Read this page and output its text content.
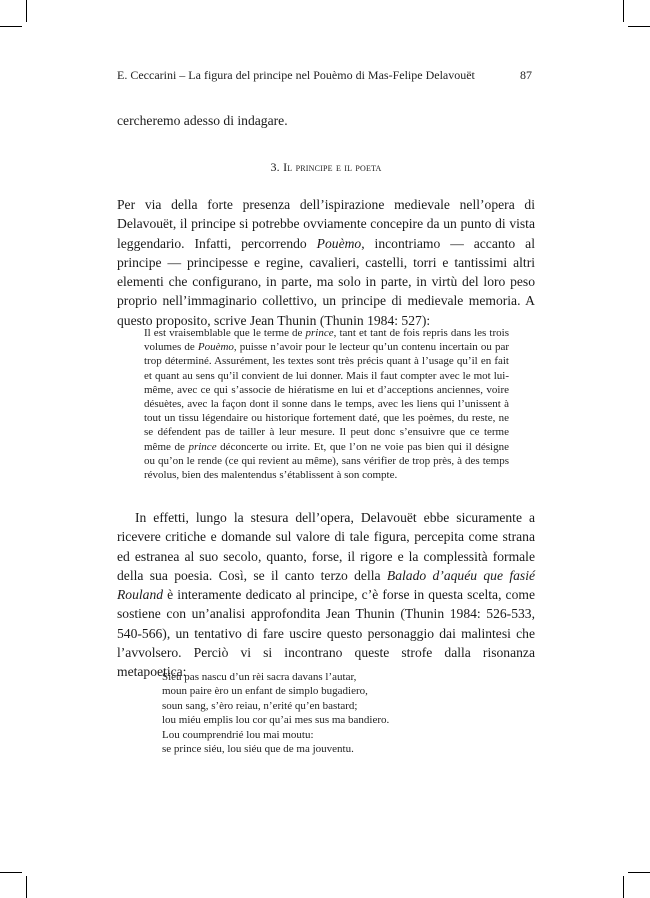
E. Ceccarini – La figura del principe nel Pouèmo di Mas-Felipe Delavouët	87

cercheremo adesso di indagare.

3. Il principe e il poeta

Per via della forte presenza dell’ispirazione medievale nell’opera di Delavouët, il principe si potrebbe ovviamente concepire da un punto di vista leggendario. Infatti, percorrendo Pouèmo, incontriamo — accanto al principe — principesse e regine, cavalieri, castelli, torri e tantissimi altri elementi che configurano, in parte, ma solo in parte, in virtù del loro peso proprio nell’immaginario collettivo, un principe di medievale memoria. A questo proposito, scrive Jean Thunin (Thunin 1984: 527):

Il est vraisemblable que le terme de prince, tant et tant de fois repris dans les trois volumes de Pouèmo, puisse n’avoir pour le lecteur qu’un contenu incertain ou par trop déterminé. Assurément, les textes sont très précis quant à l’usage qu’il en fait et quant au sens qu’il convient de lui donner. Mais il faut compter avec le mot lui-même, avec ce qui s’associe de hiératisme en lui et d’acceptions anciennes, voire désuètes, avec la façon dont il sonne dans le temps, avec les liens qui l’unissent à tout un tissu légendaire ou historique fortement daté, que les poèmes, du reste, ne se défendent pas de tailler à leur mesure. Il peut donc s’ensuivre que ce terme même de prince déconcerte ou irrite. Et, que l’on ne voie pas bien qui il désigne ou qu’on le rende (ce qui revient au même), sans vérifier de trop près, à des temps révolus, bien des malentendus s’établissent à son compte.

In effetti, lungo la stesura dell’opera, Delavouët ebbe sicuramente a ricevere critiche e domande sul valore di tale figura, percepita come strana ed estranea al suo secolo, quanto, forse, il rigore e la complessità formale della sua poesia. Così, se il canto terzo della Balado d’aquéu que fasié Rouland è interamente dedicato al principe, c’è forse in questa scelta, come sostiene con un’analisi approfondita Jean Thunin (Thunin 1984: 526-533, 540-566), un tentativo di fare uscire questo personaggio dai malintesi che l’avvolsero. Perciò vi si incontrano queste strofe dalla risonanza metapoetica:

Siéu pas nascu d’un rèi sacra davans l’autar,
moun paire èro un enfant de simplo bugadiero,
soun sang, s’èro reiau, n’erité qu’en bastard;
lou miéu emplis lou cor qu’ai mes sus ma bandiero.
Lou coumprendrié lou mai moutu:
se prince siéu, lou siéu que de ma jouventu.
